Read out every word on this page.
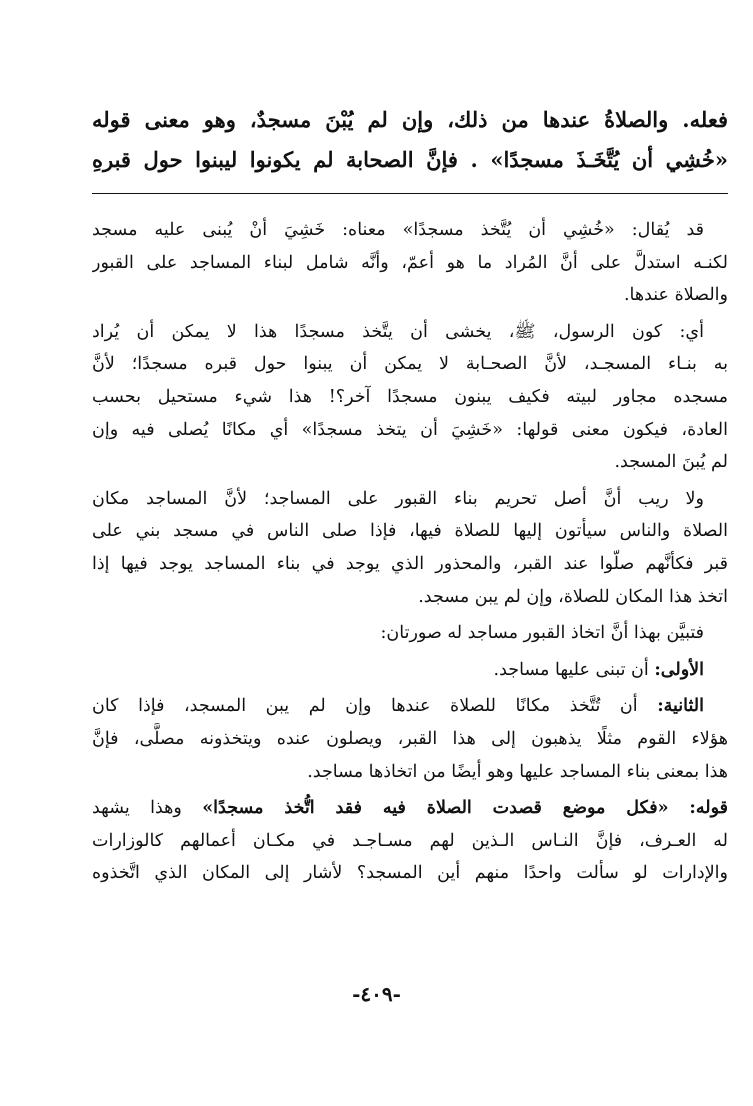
فعله. والصلاةُ عندها من ذلك، وإن لم يُبْنَ مسجدٌ، وهو معنى قوله
«خُشِي أن يُتَّخَـذَ مسجدًا» . فإنَّ الصحابة لم يكونوا ليبنوا حول قبرهِ
قد يُقال: «خُشِي أن يُتَّخذ مسجدًا» معناه: خَشِيَ أنْ يُبنى عليه مسجد
لكنـه استدلَّ على أنَّ المُراد ما هو أعمّ، وأنَّه شامل لبناء المساجد على القبور
والصلاة عندها.
أي: كون الرسول، ﷺ، يخشى أن يتَّخذ مسجدًا هذا لا يمكن أن يُراد
به بنـاء المسجـد، لأنَّ الصحـابة لا يمكن أن يبنوا حول قبره مسجدًا؛ لأنَّ
مسجده مجاور لبيته فكيف يبنون مسجدًا آخر؟! هذا شيء مستحيل بحسب
العادة، فيكون معنى قولها: «خَشِيَ أن يتخذ مسجدًا» أي مكانًا يُصلى فيه وإن
لم يُبنَ المسجد.
ولا ريب أنَّ أصل تحريم بناء القبور على المساجد؛ لأنَّ المساجد مكان
الصلاة والناس سيأتون إليها للصلاة فيها، فإذا صلى الناس في مسجد بني على
قبر فكأنَّهم صلّوا عند القبر، والمحذور الذي يوجد في بناء المساجد يوجد فيها إذا
اتخذ هذا المكان للصلاة، وإن لم يبن مسجد.
فتبيَّن بهذا أنَّ اتخاذ القبور مساجد له صورتان:
الأولى: أن تبنى عليها مساجد.
الثانية: أن تُتَّخذ مكانًا للصلاة عندها وإن لم يبن المسجد، فإذا كان
هؤلاء القوم مثلًا يذهبون إلى هذا القبر، ويصلون عنده ويتخذونه مصلًّى، فإنَّ
هذا بمعنى بناء المساجد عليها وهو أيضًا من اتخاذها مساجد.
قوله: «فكل موضع قصدت الصلاة فيه فقد اتُّخذ مسجدًا» وهذا يشهد
له العـرف، فإنَّ النـاس الـذين لهم مسـاجـد في مكـان أعمالهم كالوزارات
والإدارات لو سألت واحدًا منهم أين المسجد؟ لأشار إلى المكان الذي اتَّخذوه
-٤٠٩-
